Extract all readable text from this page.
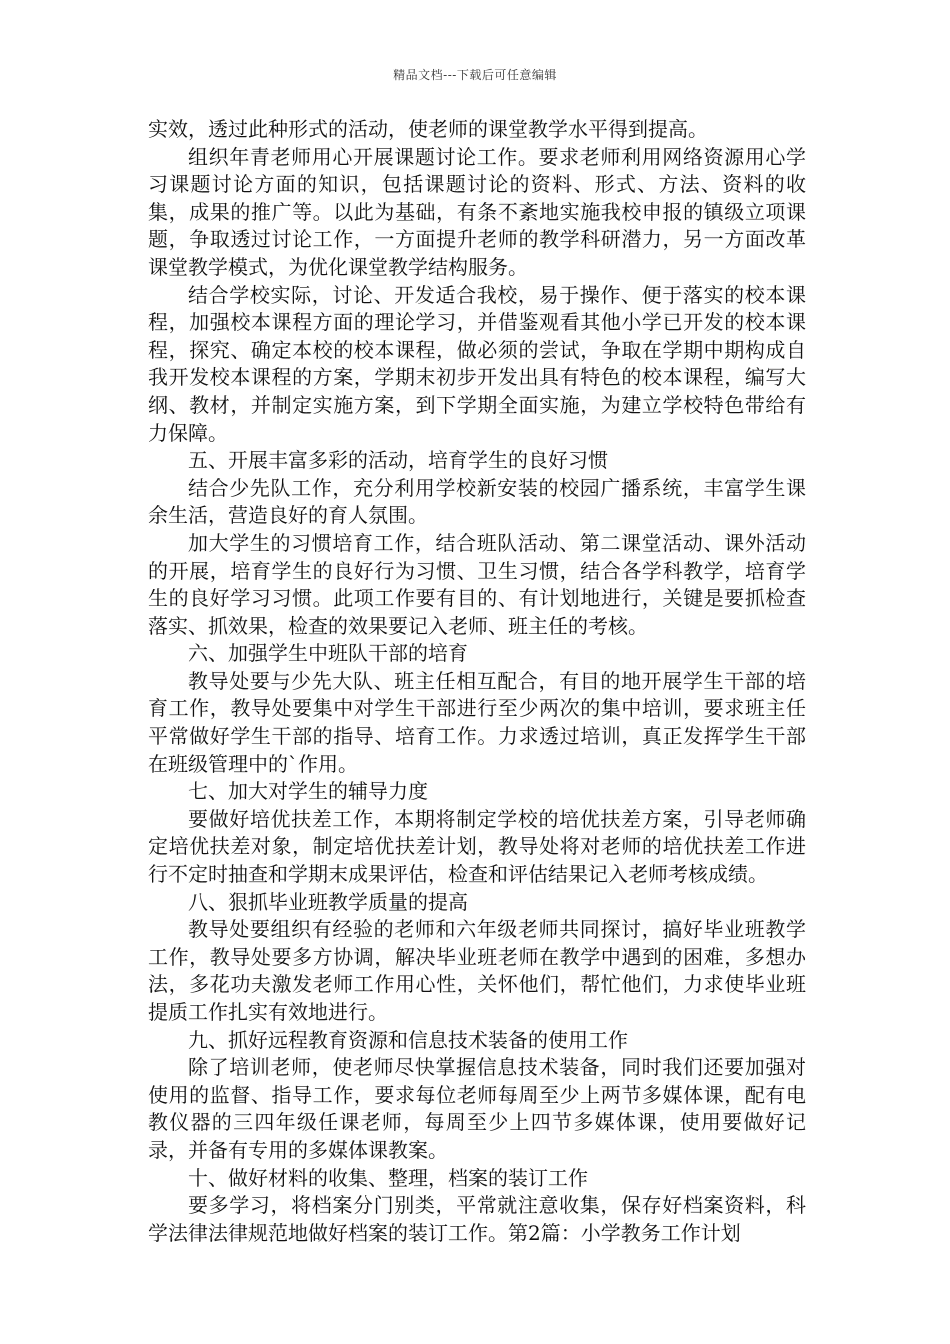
精品文档---下载后可任意编辑

实效，透过此种形式的活动，使老师的课堂教学水平得到提高。

组织年青老师用心开展课题讨论工作。要求老师利用网络资源用心学习课题讨论方面的知识，包括课题讨论的资料、形式、方法、资料的收集，成果的推广等。以此为基础，有条不紊地实施我校申报的镇级立项课题，争取透过讨论工作，一方面提升老师的教学科研潜力，另一方面改革课堂教学模式，为优化课堂教学结构服务。

结合学校实际，讨论、开发适合我校，易于操作、便于落实的校本课程，加强校本课程方面的理论学习，并借鉴观看其他小学已开发的校本课程，探究、确定本校的校本课程，做必须的尝试，争取在学期中期构成自我开发校本课程的方案，学期末初步开发出具有特色的校本课程，编写大纲、教材，并制定实施方案，到下学期全面实施，为建立学校特色带给有力保障。

五、开展丰富多彩的活动，培育学生的良好习惯

结合少先队工作，充分利用学校新安装的校园广播系统，丰富学生课余生活，营造良好的育人氛围。

加大学生的习惯培育工作，结合班队活动、第二课堂活动、课外活动的开展，培育学生的良好行为习惯、卫生习惯，结合各学科教学，培育学生的良好学习习惯。此项工作要有目的、有计划地进行，关键是要抓检查落实、抓效果，检查的效果要记入老师、班主任的考核。

六、加强学生中班队干部的培育

教导处要与少先大队、班主任相互配合，有目的地开展学生干部的培育工作，教导处要集中对学生干部进行至少两次的集中培训，要求班主任平常做好学生干部的指导、培育工作。力求透过培训，真正发挥学生干部在班级管理中的`作用。

七、加大对学生的辅导力度

要做好培优扶差工作，本期将制定学校的培优扶差方案，引导老师确定培优扶差对象，制定培优扶差计划，教导处将对老师的培优扶差工作进行不定时抽查和学期末成果评估，检查和评估结果记入老师考核成绩。

八、狠抓毕业班教学质量的提高

教导处要组织有经验的老师和六年级老师共同探讨，搞好毕业班教学工作，教导处要多方协调，解决毕业班老师在教学中遇到的困难，多想办法，多花功夫激发老师工作用心性，关怀他们，帮忙他们，力求使毕业班提质工作扎实有效地进行。

九、抓好远程教育资源和信息技术装备的使用工作

除了培训老师，使老师尽快掌握信息技术装备，同时我们还要加强对使用的监督、指导工作，要求每位老师每周至少上两节多媒体课，配有电教仪器的三四年级任课老师，每周至少上四节多媒体课，使用要做好记录，并备有专用的多媒体课教案。

十、做好材料的收集、整理，档案的装订工作

要多学习，将档案分门别类，平常就注意收集，保存好档案资料，科学法律法律规范地做好档案的装订工作。第2篇：小学教务工作计划
